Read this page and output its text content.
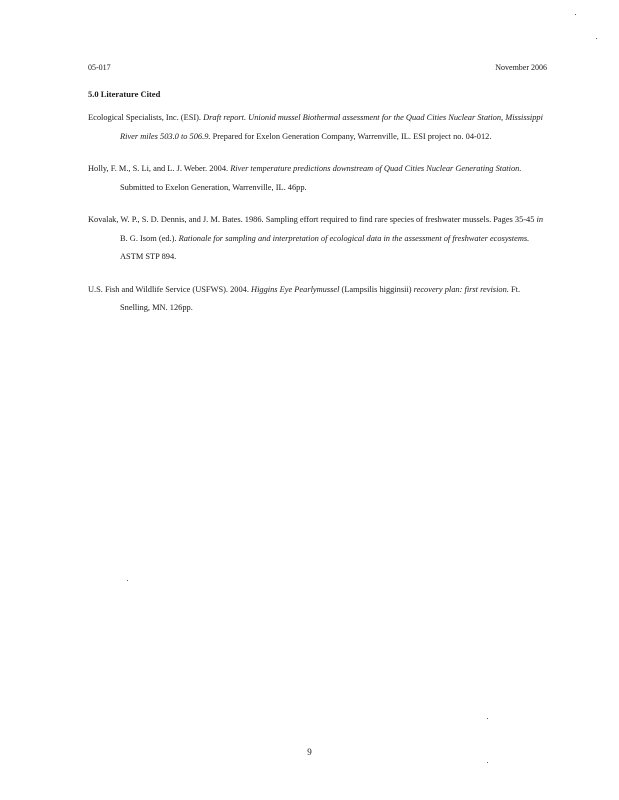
05-017	November 2006
5.0 Literature Cited

Ecological Specialists, Inc. (ESI). Draft report. Unionid mussel Biothermal assessment for the Quad Cities Nuclear Station, Mississippi River miles 503.0 to 506.9. Prepared for Exelon Generation Company, Warrenville, IL. ESI project no. 04-012.

Holly, F. M., S. Li, and L. J. Weber. 2004. River temperature predictions downstream of Quad Cities Nuclear Generating Station. Submitted to Exelon Generation, Warrenville, IL. 46pp.

Kovalak, W. P., S. D. Dennis, and J. M. Bates. 1986. Sampling effort required to find rare species of freshwater mussels. Pages 35-45 in B. G. Isom (ed.). Rationale for sampling and interpretation of ecological data in the assessment of freshwater ecosystems. ASTM STP 894.

U.S. Fish and Wildlife Service (USFWS). 2004. Higgins Eye Pearlymussel (Lampsilis higginsii) recovery plan: first revision. Ft. Snelling, MN. 126pp.

9
